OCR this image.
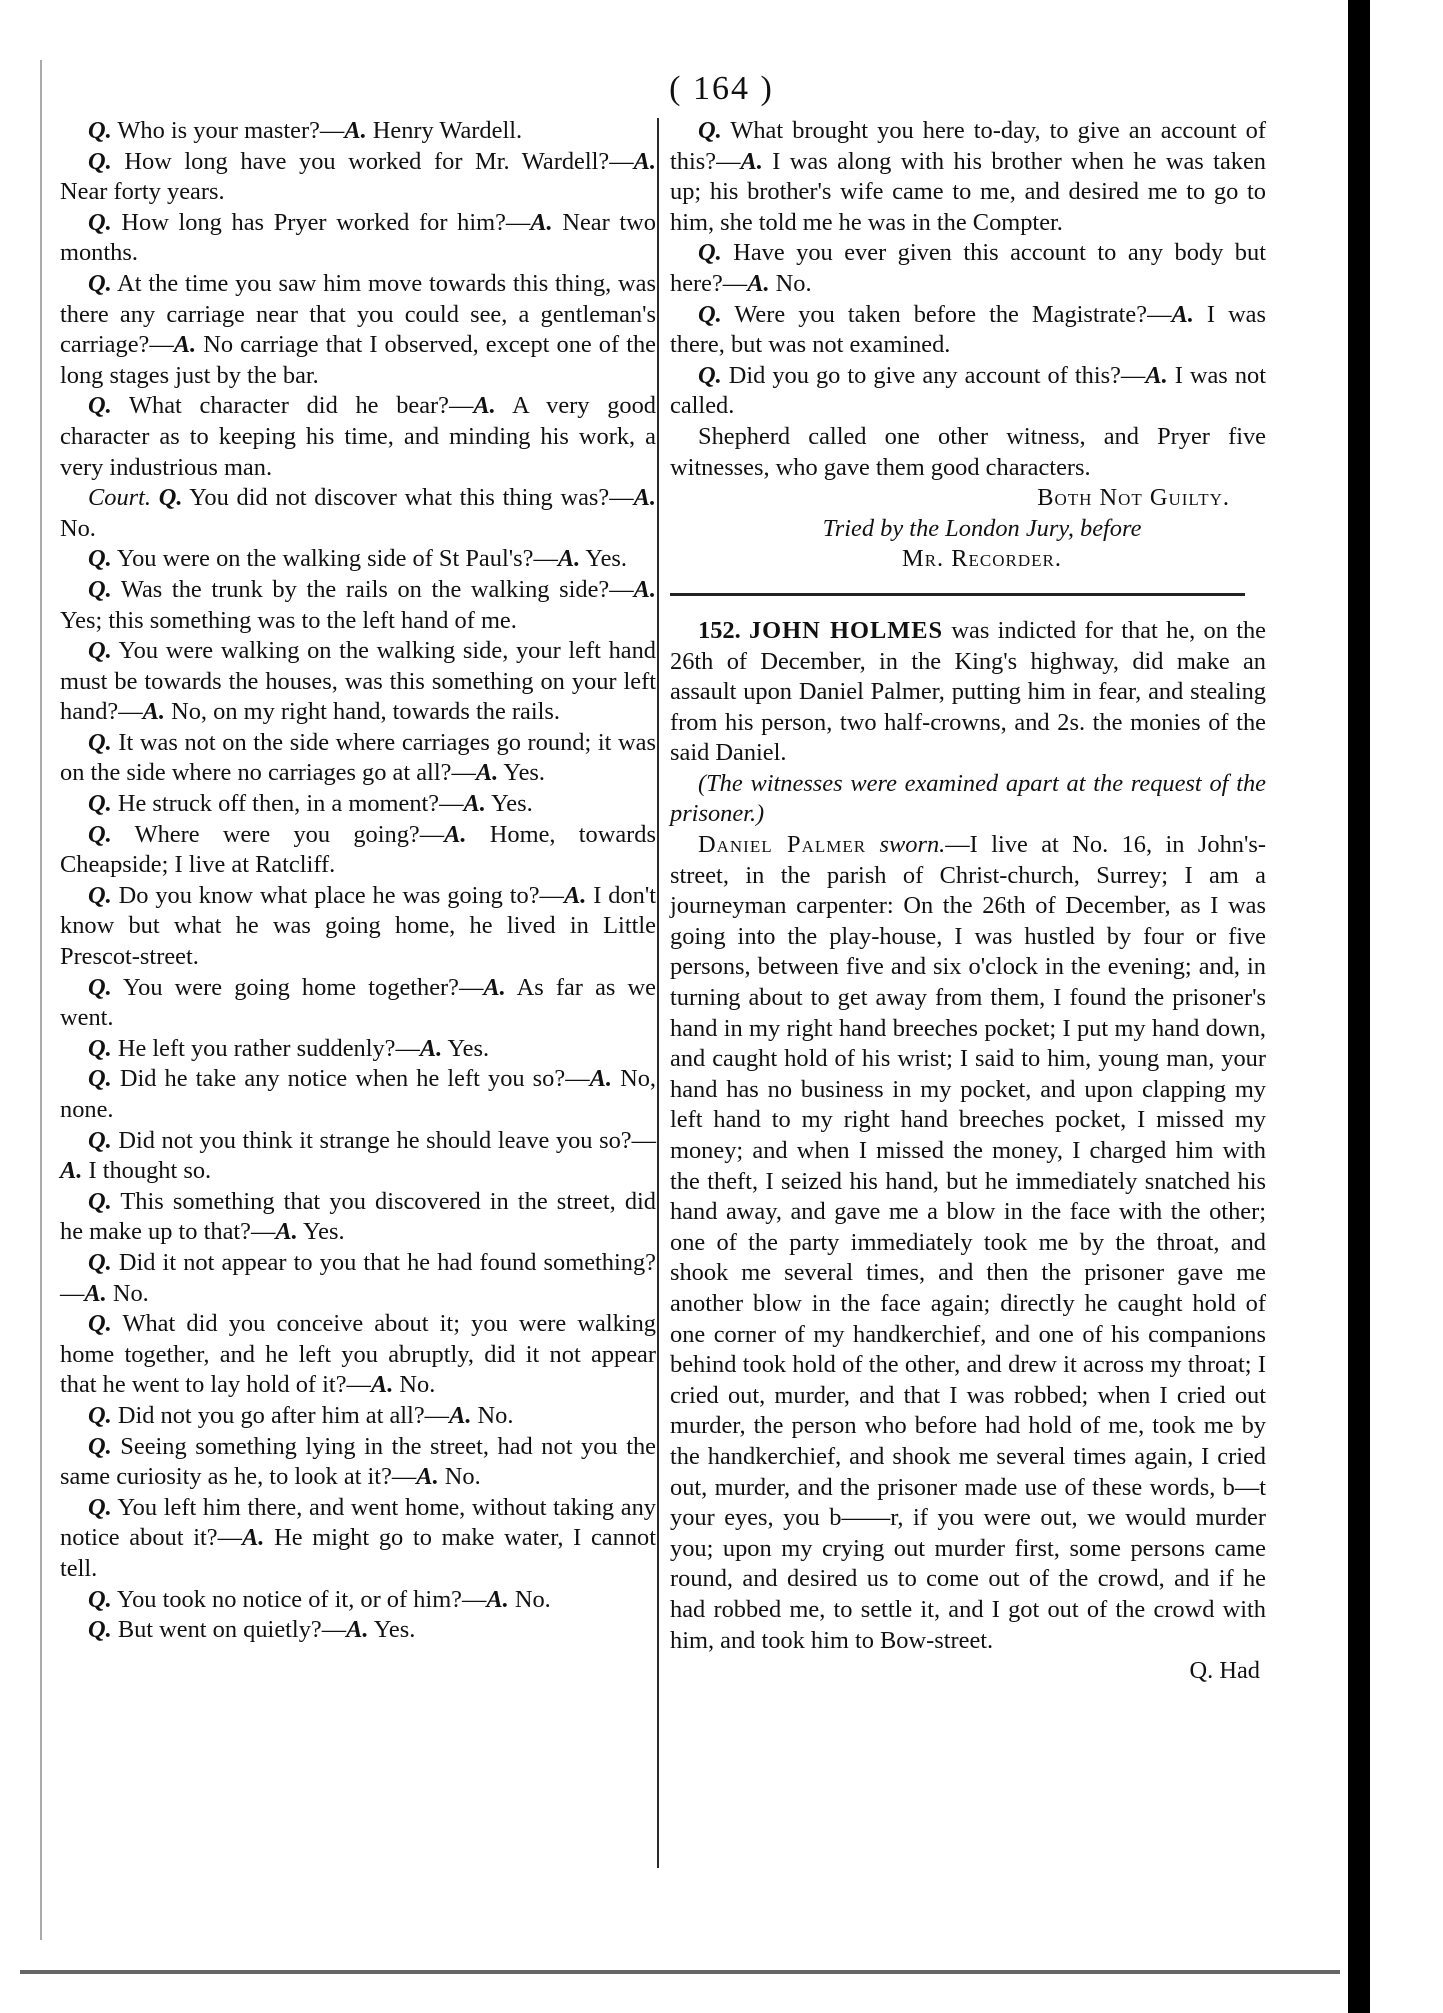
( 164 )

Q. Who is your master?—A. Henry Wardell.

Q. How long have you worked for Mr. Wardell?—A. Near forty years.

Q. How long has Pryer worked for him?—A. Near two months.

Q. At the time you saw him move towards this thing, was there any carriage near that you could see, a gentleman's carriage?—A. No carriage that I observed, except one of the long stages just by the bar.

Q. What character did he bear?—A. A very good character as to keeping his time, and minding his work, a very industrious man.

Court. Q. You did not discover what this thing was?—A. No.

Q. You were on the walking side of St Paul's?—A. Yes.

Q. Was the trunk by the rails on the walking side?—A. Yes; this something was to the left hand of me.

Q. You were walking on the walking side, your left hand must be towards the houses, was this something on your left hand?—A. No, on my right hand, towards the rails.

Q. It was not on the side where carriages go round; it was on the side where no carriages go at all?—A. Yes.

Q. He struck off then, in a moment?—A. Yes.

Q. Where were you going?—A. Home, towards Cheapside; I live at Ratcliff.

Q. Do you know what place he was going to?—A. I don't know but what he was going home, he lived in Little Prescot-street.

Q. You were going home together?—A. As far as we went.

Q. He left you rather suddenly?—A. Yes.

Q. Did he take any notice when he left you so?—A. No, none.

Q. Did not you think it strange he should leave you so?—A. I thought so.

Q. This something that you discovered in the street, did he make up to that?—A. Yes.

Q. Did it not appear to you that he had found something?—A. No.

Q. What did you conceive about it; you were walking home together, and he left you abruptly, did it not appear that he went to lay hold of it?—A. No.

Q. Did not you go after him at all?—A. No.

Q. Seeing something lying in the street, had not you the same curiosity as he, to look at it?—A. No.

Q. You left him there, and went home, without taking any notice about it?—A. He might go to make water, I cannot tell.

Q. You took no notice of it, or of him?—A. No.

Q. But went on quietly?—A. Yes.

Q. What brought you here to-day, to give an account of this?—A. I was along with his brother when he was taken up; his brother's wife came to me, and desired me to go to him, she told me he was in the Compter.

Q. Have you ever given this account to any body but here?—A. No.

Q. Were you taken before the Magistrate?—A. I was there, but was not examined.

Q. Did you go to give any account of this?—A. I was not called.

Shepherd called one other witness, and Pryer five witnesses, who gave them good characters.

Both Not Guilty.

Tried by the London Jury, before

Mr. Recorder.

152. JOHN HOLMES was indicted for that he, on the 26th of December, in the King's highway, did make an assault upon Daniel Palmer, putting him in fear, and stealing from his person, two half-crowns, and 2s. the monies of the said Daniel.

(The witnesses were examined apart at the request of the prisoner.)

Daniel Palmer sworn.—I live at No. 16, in John's-street, in the parish of Christ-church, Surrey; I am a journeyman carpenter: On the 26th of December, as I was going into the play-house, I was hustled by four or five persons, between five and six o'clock in the evening; and, in turning about to get away from them, I found the prisoner's hand in my right hand breeches pocket; I put my hand down, and caught hold of his wrist; I said to him, young man, your hand has no business in my pocket, and upon clapping my left hand to my right hand breeches pocket, I missed my money; and when I missed the money, I charged him with the theft, I seized his hand, but he immediately snatched his hand away, and gave me a blow in the face with the other; one of the party immediately took me by the throat, and shook me several times, and then the prisoner gave me another blow in the face again; directly he caught hold of one corner of my handkerchief, and one of his companions behind took hold of the other, and drew it across my throat; I cried out, murder, and that I was robbed; when I cried out murder, the person who before had hold of me, took me by the handkerchief, and shook me several times again, I cried out, murder, and the prisoner made use of these words, b—t your eyes, you b——r, if you were out, we would murder you; upon my crying out murder first, some persons came round, and desired us to come out of the crowd, and if he had robbed me, to settle it, and I got out of the crowd with him, and took him to Bow-street.

Q. Had
